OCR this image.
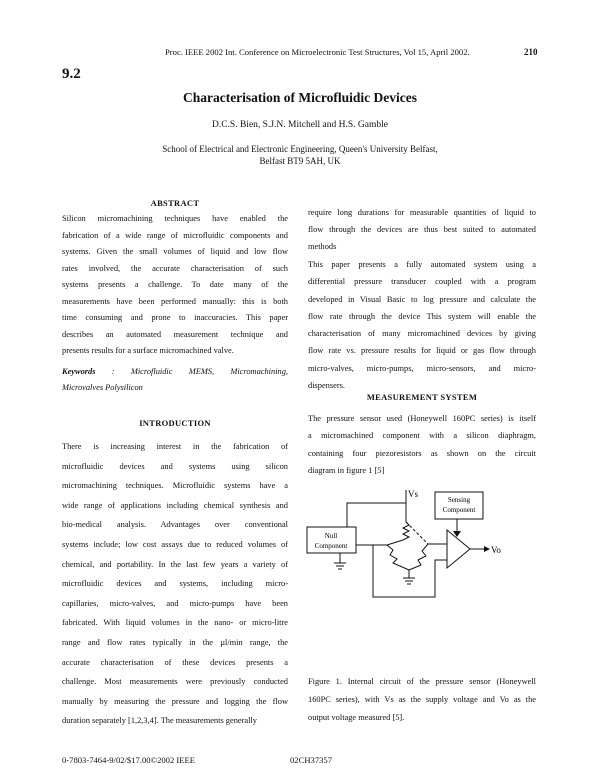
Proc. IEEE 2002 Int. Conference on Microelectronic Test Structures, Vol 15, April 2002.	210
9.2
Characterisation of Microfluidic Devices
D.C.S. Bien, S.J.N. Mitchell and H.S. Gamble
School of Electrical and Electronic Engineering, Queen's University Belfast,
Belfast BT9 5AH, UK
ABSTRACT
Silicon micromachining techniques have enabled the
fabrication of a wide range of microfluidic components and
systems. Given the small volumes of liquid and low flow
rates involved, the accurate characterisation of such
systems presents a challenge. To date many of the
measurements have been performed manually: this is both
time consuming and prone to inaccuracies. This paper
describes an automated measurement technique and
presents results for a surface micromachined valve.
Keywords : Microfluidic MEMS, Micromachining,
Microvalves Polysilicon
INTRODUCTION
There is increasing interest in the fabrication of
microfluidic devices and systems using silicon
micromachining techniques. Microfluidic systems have a
wide range of applications including chemical synthesis and
bio-medical analysis. Advantages over conventional
systems include; low cost assays due to reduced volumes of
chemical, and portability. In the last few years a variety of
microfluidic devices and systems, including micro-
capillaries, micro-valves, and micro-pumps have been
fabricated. With liquid volumes in the nano- or micro-litre
range and flow rates typically in the µl/min range, the
accurate characterisation of these devices presents a
challenge. Most measurements were previously conducted
manually by measuring the pressure and logging the flow
duration separately [1,2,3,4]. The measurements generally
require long durations for measurable quantities of liquid to
flow through the devices are thus best suited to automated
methods
This paper presents a fully automated system using a
differential pressure transducer coupled with a program
developed in Visual Basic to log pressure and calculate the
flow rate through the device This system will enable the
characterisation of many micromachined devices by giving
flow rate vs. pressure results for liquid or gas flow through
micro-valves, micro-pumps, micro-sensors, and micro-
dispensers.
MEASUREMENT SYSTEM
The pressure sensor used (Honeywell 160PC series) is itself
a micromachined component with a silicon diaphragm,
containing four piezoresistors as shown on the circuit
diagram in figure 1 [5]
Vs
Vo
Sensing
Component
Null
Component
Figure 1. Internal circuit of the pressure sensor (Honeywell
160PC series), with Vs as the supply voltage and Vo as the
output voltage measured [5].
0-7803-7464-9/02/$17.00©2002 IEEE	02CH37357
